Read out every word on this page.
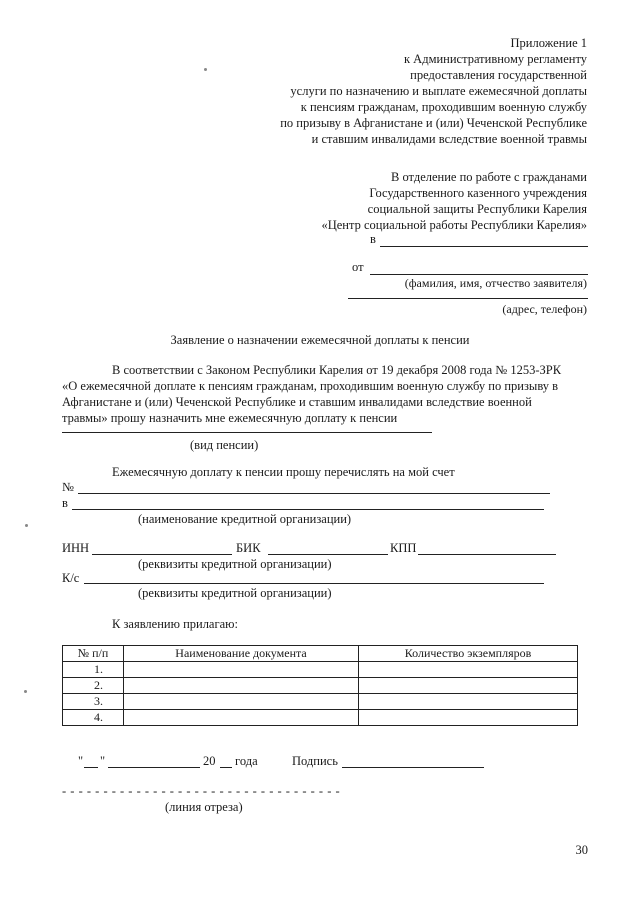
Приложение 1
к Административному регламенту
предоставления государственной
услуги по назначению и выплате ежемесячной доплаты
к пенсиям гражданам, проходившим военную службу
по призыву в Афганистане и (или) Чеченской Республике
и ставшим инвалидами вследствие военной травмы
В отделение по работе с гражданами
Государственного казенного учреждения
социальной защиты Республики Карелия
«Центр социальной работы Республики Карелия»
в
от
(фамилия, имя, отчество заявителя)
(адрес, телефон)
Заявление о назначении ежемесячной доплаты к пенсии
В соответствии с Законом Республики Карелия от 19 декабря 2008 года № 1253-ЗРК
«О ежемесячной доплате к пенсиям гражданам, проходившим военную службу по призыву в
Афганистане и (или) Чеченской Республике и ставшим инвалидами вследствие военной
травмы» прошу назначить мне ежемесячную доплату к пенсии
(вид пенсии)
Ежемесячную доплату к пенсии прошу перечислять на мой счет
№
в
(наименование кредитной организации)
ИНН	БИК	КПП
(реквизиты кредитной организации)
К/с
(реквизиты кредитной организации)
К заявлению прилагаю:
№ п/п	Наименование документа	Количество экземпляров
1.		
2.		
3.		
4.		
" "	20 года	Подпись
- - - - - - - - - - - - - - - - - - - - - - - - - - - - - - - - - -
(линия отреза)
30
